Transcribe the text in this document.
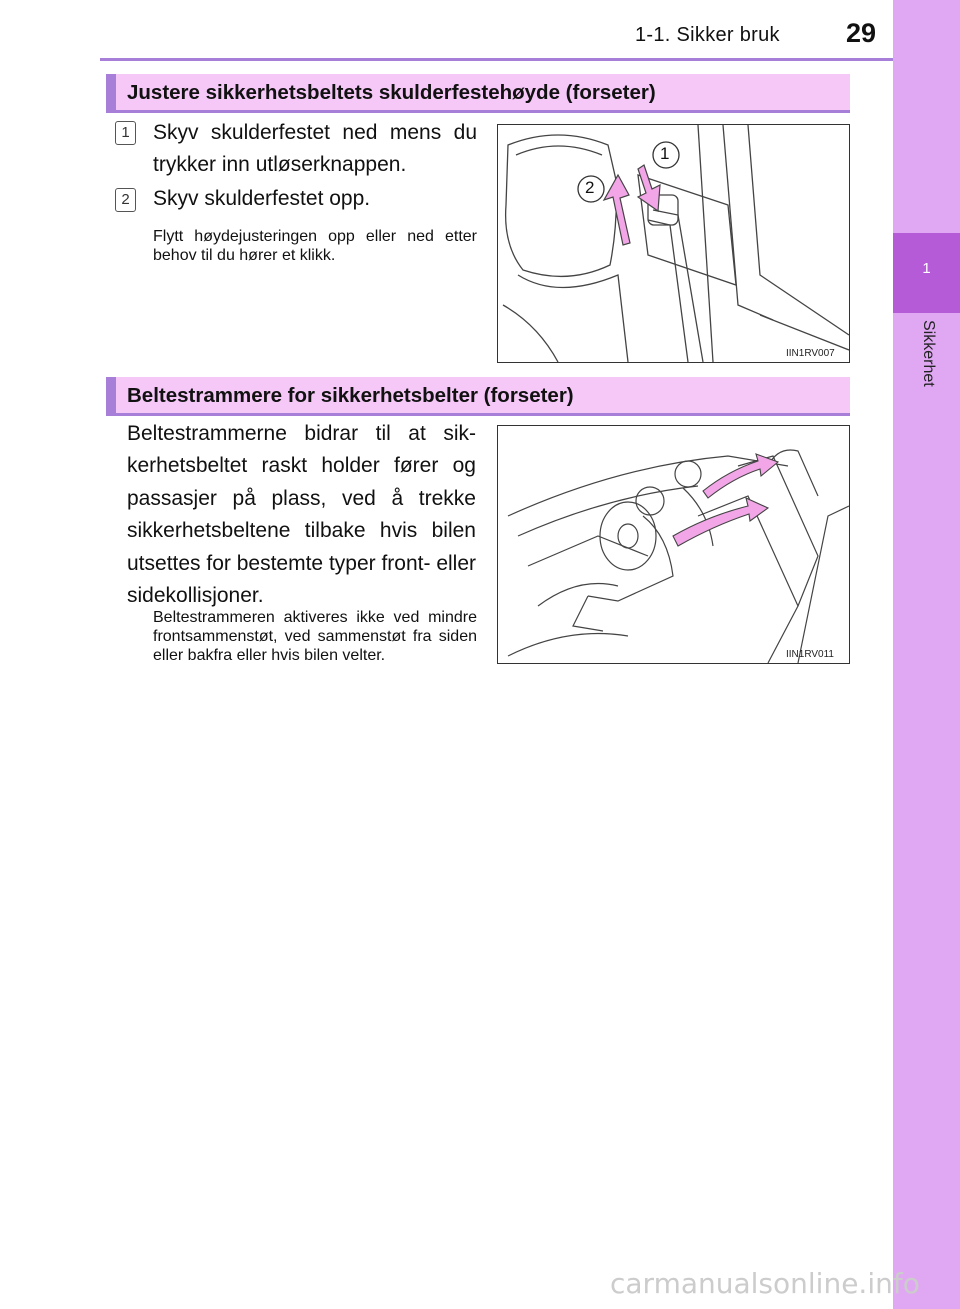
1-1. Sikker bruk 29
1
Sikkerhet
Justere sikkerhetsbeltets skulderfestehøyde (forseter)
1	Skyv skulderfestet ned mens du trykker inn utløserknappen.
2	Skyv skulderfestet opp.
Flytt høydejusteringen opp eller ned etter behov til du hører et klikk.
1
2
IIN1RV007
Beltestrammere for sikkerhetsbelter (forseter)
Beltestrammerne bidrar til at sik-kerhetsbeltet raskt holder fører og passasjer på plass, ved å trekke sikkerhetsbeltene tilbake hvis bilen utsettes for bestemte typer front- eller sidekollisjoner.
Beltestrammeren aktiveres ikke ved mindre frontsammenstøt, ved sammenstøt fra siden eller bakfra eller hvis bilen velter.	IIN1RV011
carmanualsonline.info
